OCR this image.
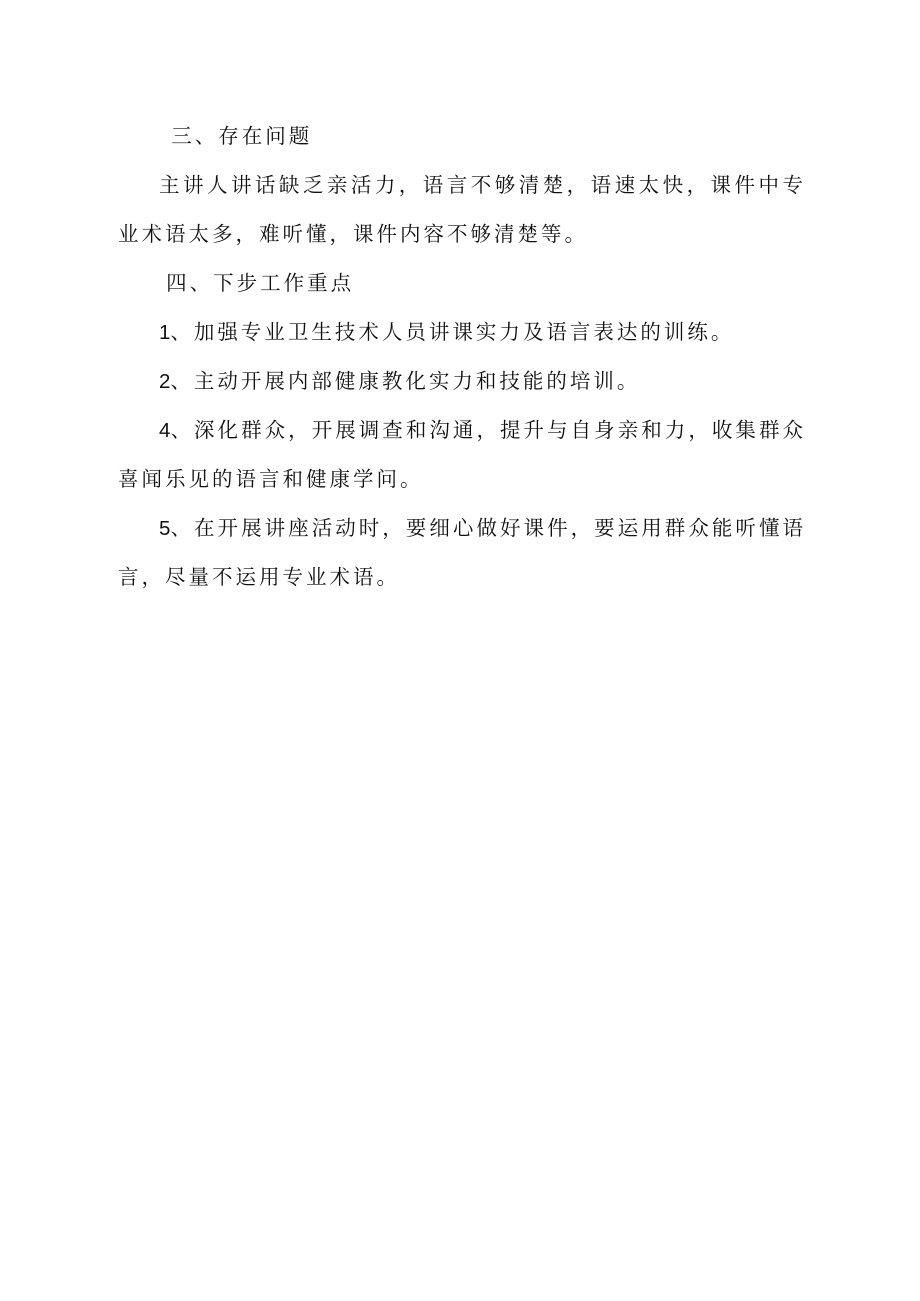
三、存在问题

主讲人讲话缺乏亲活力，语言不够清楚，语速太快，课件中专业术语太多，难听懂，课件内容不够清楚等。

四、下步工作重点

1、加强专业卫生技术人员讲课实力及语言表达的训练。

2、主动开展内部健康教化实力和技能的培训。

4、深化群众，开展调查和沟通，提升与自身亲和力，收集群众喜闻乐见的语言和健康学问。

5、在开展讲座活动时，要细心做好课件，要运用群众能听懂语言，尽量不运用专业术语。
